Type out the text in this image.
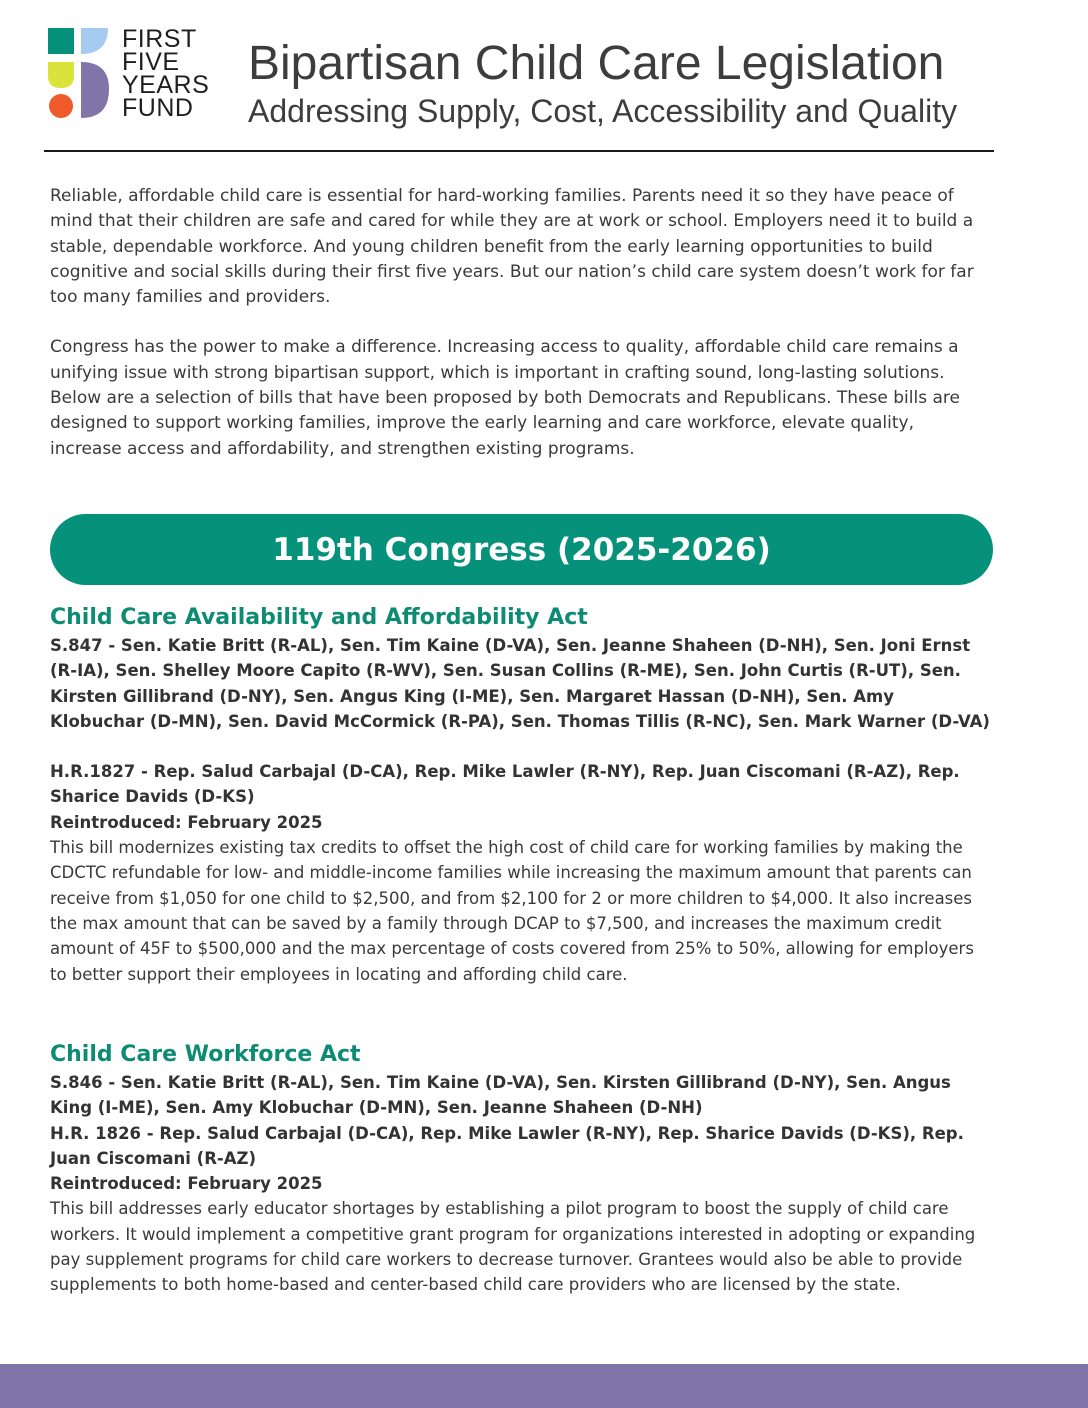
FIRST
FIVE
YEARS
FUND
Bipartisan Child Care Legislation
Addressing Supply, Cost, Accessibility and Quality

Reliable, affordable child care is essential for hard-working families. Parents need it so they have peace of mind that their children are safe and cared for while they are at work or school. Employers need it to build a stable, dependable workforce. And young children benefit from the early learning opportunities to build cognitive and social skills during their first five years. But our nation’s child care system doesn’t work for far too many families and providers.

Congress has the power to make a difference. Increasing access to quality, affordable child care remains a unifying issue with strong bipartisan support, which is important in crafting sound, long-lasting solutions. Below are a selection of bills that have been proposed by both Democrats and Republicans. These bills are designed to support working families, improve the early learning and care workforce, elevate quality, increase access and affordability, and strengthen existing programs.

119th Congress (2025-2026)
Child Care Availability and Affordability Act

S.847 - Sen. Katie Britt (R-AL), Sen. Tim Kaine (D-VA), Sen. Jeanne Shaheen (D-NH), Sen. Joni Ernst (R-IA), Sen. Shelley Moore Capito (R-WV), Sen. Susan Collins (R-ME), Sen. John Curtis (R-UT), Sen. Kirsten Gillibrand (D-NY), Sen. Angus King (I-ME), Sen. Margaret Hassan (D-NH), Sen. Amy Klobuchar (D-MN), Sen. David McCormick (R-PA), Sen. Thomas Tillis (R-NC), Sen. Mark Warner (D-VA)

H.R.1827 - Rep. Salud Carbajal (D-CA), Rep. Mike Lawler (R-NY), Rep. Juan Ciscomani (R-AZ), Rep. Sharice Davids (D-KS)

Reintroduced: February 2025

This bill modernizes existing tax credits to offset the high cost of child care for working families by making the CDCTC refundable for low- and middle-income families while increasing the maximum amount that parents can receive from $1,050 for one child to $2,500, and from $2,100 for 2 or more children to $4,000. It also increases the max amount that can be saved by a family through DCAP to $7,500, and increases the maximum credit amount of 45F to $500,000 and the max percentage of costs covered from 25% to 50%, allowing for employers to better support their employees in locating and affording child care.

Child Care Workforce Act

S.846 - Sen. Katie Britt (R-AL), Sen. Tim Kaine (D-VA), Sen. Kirsten Gillibrand (D-NY), Sen. Angus King (I-ME), Sen. Amy Klobuchar (D-MN), Sen. Jeanne Shaheen (D-NH)

H.R. 1826 - Rep. Salud Carbajal (D-CA), Rep. Mike Lawler (R-NY), Rep. Sharice Davids (D-KS), Rep. Juan Ciscomani (R-AZ)

Reintroduced: February 2025

This bill addresses early educator shortages by establishing a pilot program to boost the supply of child care workers. It would implement a competitive grant program for organizations interested in adopting or expanding pay supplement programs for child care workers to decrease turnover. Grantees would also be able to provide supplements to both home-based and center-based child care providers who are licensed by the state.
